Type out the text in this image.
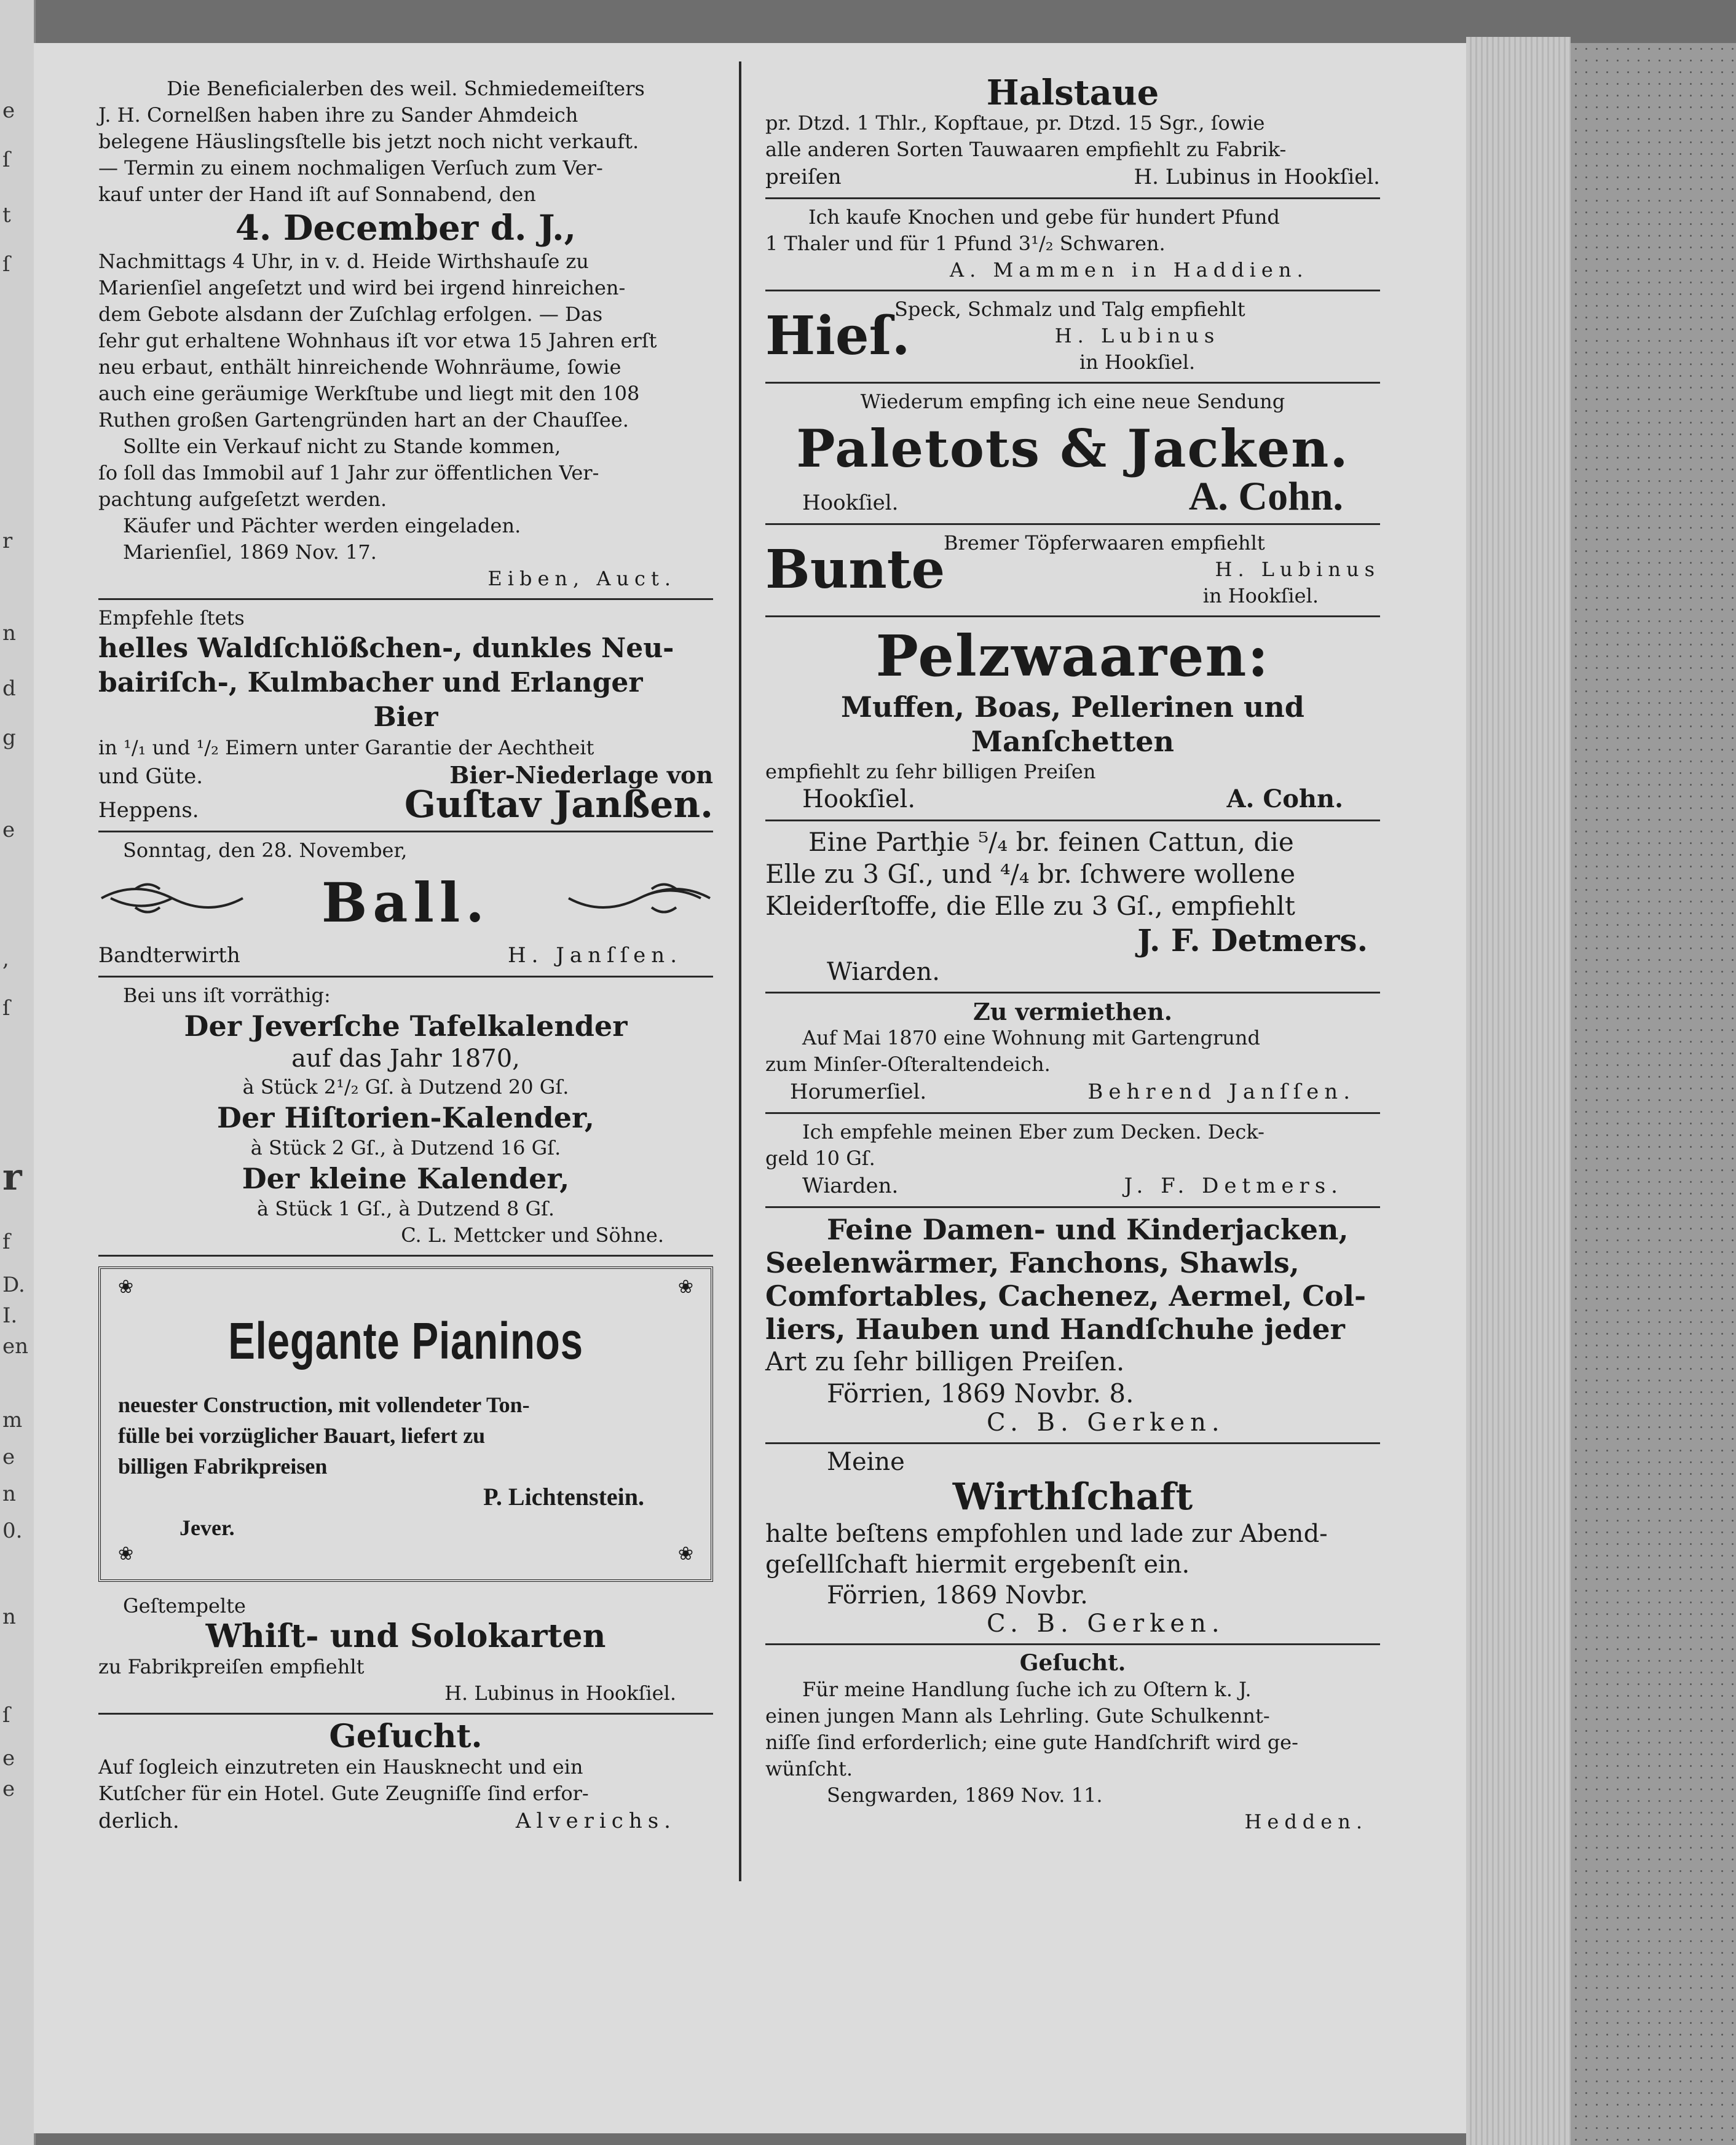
e
ſ
t
ſ
r
n
d
g
e
,
ſ
r
f
D.
I.
en
m
e
n
0.
n
ſ
e
e

Die Beneficialerben des weil. Schmiedemeiſters

J. H. Cornelßen haben ihre zu Sander Ahmdeich

belegene Häuslingsſtelle bis jetzt noch nicht verkauft.

— Termin zu einem nochmaligen Verſuch zum Ver-

kauf unter der Hand iſt auf Sonnabend, den

4. December d. J.,

Nachmittags 4 Uhr, in v. d. Heide Wirthshauſe zu

Marienſiel angeſetzt und wird bei irgend hinreichen-

dem Gebote alsdann der Zuſchlag erfolgen. — Das

ſehr gut erhaltene Wohnhaus iſt vor etwa 15 Jahren erſt

neu erbaut, enthält hinreichende Wohnräume, ſowie

auch eine geräumige Werkſtube und liegt mit den 108

Ruthen großen Gartengründen hart an der Chauſſee.

Sollte ein Verkauf nicht zu Stande kommen,

ſo ſoll das Immobil auf 1 Jahr zur öffentlichen Ver-

pachtung aufgeſetzt werden.

Käufer und Pächter werden eingeladen.

Marienſiel, 1869 Nov. 17.

Eiben, Auct.

Empfehle ſtets

helles Waldſchlößchen-, dunkles Neu-

bairiſch-, Kulmbacher und Erlanger

Bier

in ¹/₁ und ¹/₂ Eimern unter Garantie der Aechtheit

und Güte.	Bier-Niederlage von
Heppens.	Guſtav Janßen.

Sonntag, den 28. November,

Ball.
Bandterwirth	H. Janſſen.

Bei uns iſt vorräthig:

Der Jeverſche Tafelkalender

auf das Jahr 1870,

à Stück 2¹/₂ Gſ. à Dutzend 20 Gſ.

Der Hiſtorien-Kalender,

à Stück 2 Gſ., à Dutzend 16 Gſ.

Der kleine Kalender,

à Stück 1 Gſ., à Dutzend 8 Gſ.

C. L. Mettcker und Söhne.

❀	❀

Elegante Pianinos

neuester Construction, mit vollendeter Ton-

fülle bei vorzüglicher Bauart, liefert zu

billigen Fabrikpreisen

P. Lichtenstein.

Jever.

❀	❀

Geſtempelte

Whiſt- und Solokarten

zu Fabrikpreiſen empfiehlt

H. Lubinus in Hookſiel.

Geſucht.

Auf ſogleich einzutreten ein Hausknecht und ein

Kutſcher für ein Hotel. Gute Zeugniſſe ſind erfor-

derlich.	Alverichs.

Halstaue

pr. Dtzd. 1 Thlr., Kopftaue, pr. Dtzd. 15 Sgr., ſowie

alle anderen Sorten Tauwaaren empfiehlt zu Fabrik-

preiſen	H. Lubinus in Hookſiel.

Ich kaufe Knochen und gebe für hundert Pfund

1 Thaler und für 1 Pfund 3¹/₂ Schwaren.

A. Mammen in Haddien.

Hieſ.

Speck, Schmalz und Talg empfiehlt

H. Lubinus

in Hookſiel.

Wiederum empfing ich eine neue Sendung

Paletots & Jacken.

Hookſiel.	A. Cohn.
Bunte

Bremer Töpferwaaren empfiehlt

H. Lubinus

in Hookſiel.

Pelzwaaren:

Muffen, Boas, Pellerinen und

Manſchetten

empfiehlt zu ſehr billigen Preiſen

Hookſiel.	A. Cohn.

Eine Partḩie ⁵/₄ br. feinen Cattun, die

Elle zu 3 Gſ., und ⁴/₄ br. ſchwere wollene

Kleiderſtoffe, die Elle zu 3 Gſ., empfiehlt

J. F. Detmers.

Wiarden.

Zu vermiethen.

Auf Mai 1870 eine Wohnung mit Gartengrund

zum Minſer-Oſteraltendeich.

Horumerſiel.	Behrend Janſſen.

Ich empfehle meinen Eber zum Decken. Deck-

geld 10 Gſ.

Wiarden.	J. F. Detmers.

Feine Damen- und Kinderjacken,

Seelenwärmer, Fanchons, Shawls,

Comfortables, Cachenez, Aermel, Col-

liers, Hauben und Handſchuhe jeder

Art zu ſehr billigen Preiſen.

Förrien, 1869 Novbr. 8.

C. B. Gerken.

Meine

Wirthſchaft

halte beſtens empfohlen und lade zur Abend-

geſellſchaft hiermit ergebenſt ein.

Förrien, 1869 Novbr.

C. B. Gerken.

Geſucht.

Für meine Handlung ſuche ich zu Oſtern k. J.

einen jungen Mann als Lehrling. Gute Schulkennt-

niſſe ſind erforderlich; eine gute Handſchrift wird ge-

wünſcht.

Sengwarden, 1869 Nov. 11.

Hedden.
